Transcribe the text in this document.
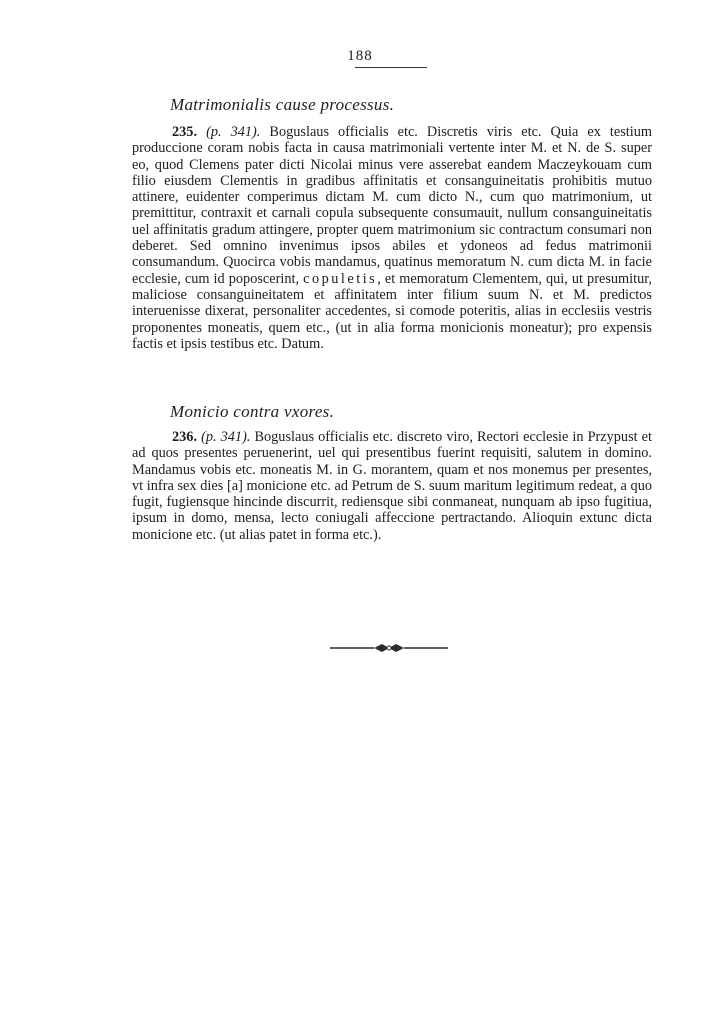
188
Matrimonialis cause processus.

235. (p. 341). Boguslaus officialis etc. Discretis viris etc. Quia ex testium produccione coram nobis facta in causa matrimoniali vertente inter M. et N. de S. super eo, quod Clemens pater dicti Nicolai minus vere asserebat eandem Maczeykouam cum filio eiusdem Clementis in gradibus affinitatis et consanguineitatis prohibitis mutuo attinere, euidenter comperimus dictam M. cum dicto N., cum quo matrimonium, ut premittitur, contraxit et carnali copula subsequente consumauit, nullum consanguineitatis uel affinitatis gradum attingere, propter quem matrimonium sic contractum consumari non deberet. Sed omnino invenimus ipsos abiles et ydoneos ad fedus matrimonii consumandum. Quocirca vobis mandamus, quatinus memoratum N. cum dicta M. in facie ecclesie, cum id poposcerint, copuletis, et memoratum Clementem, qui, ut presumitur, maliciose consanguineitatem et affinitatem inter filium suum N. et M. predictos interuenisse dixerat, personaliter accedentes, si comode poteritis, alias in ecclesiis vestris proponentes moneatis, quem etc., (ut in alia forma monicionis moneatur); pro expensis factis et ipsis testibus etc. Datum.

Monicio contra vxores.

236. (p. 341). Boguslaus officialis etc. discreto viro, Rectori ecclesie in Przypust et ad quos presentes peruenerint, uel qui presentibus fuerint requisiti, salutem in domino. Mandamus vobis etc. moneatis M. in G. morantem, quam et nos monemus per presentes, vt infra sex dies [a] monicione etc. ad Petrum de S. suum maritum legitimum redeat, a quo fugit, fugiensque hincinde discurrit, rediensque sibi conmaneat, nunquam ab ipso fugitiua, ipsum in domo, mensa, lecto coniugali affeccione pertractando. Alioquin extunc dicta monicione etc. (ut alias patet in forma etc.).
